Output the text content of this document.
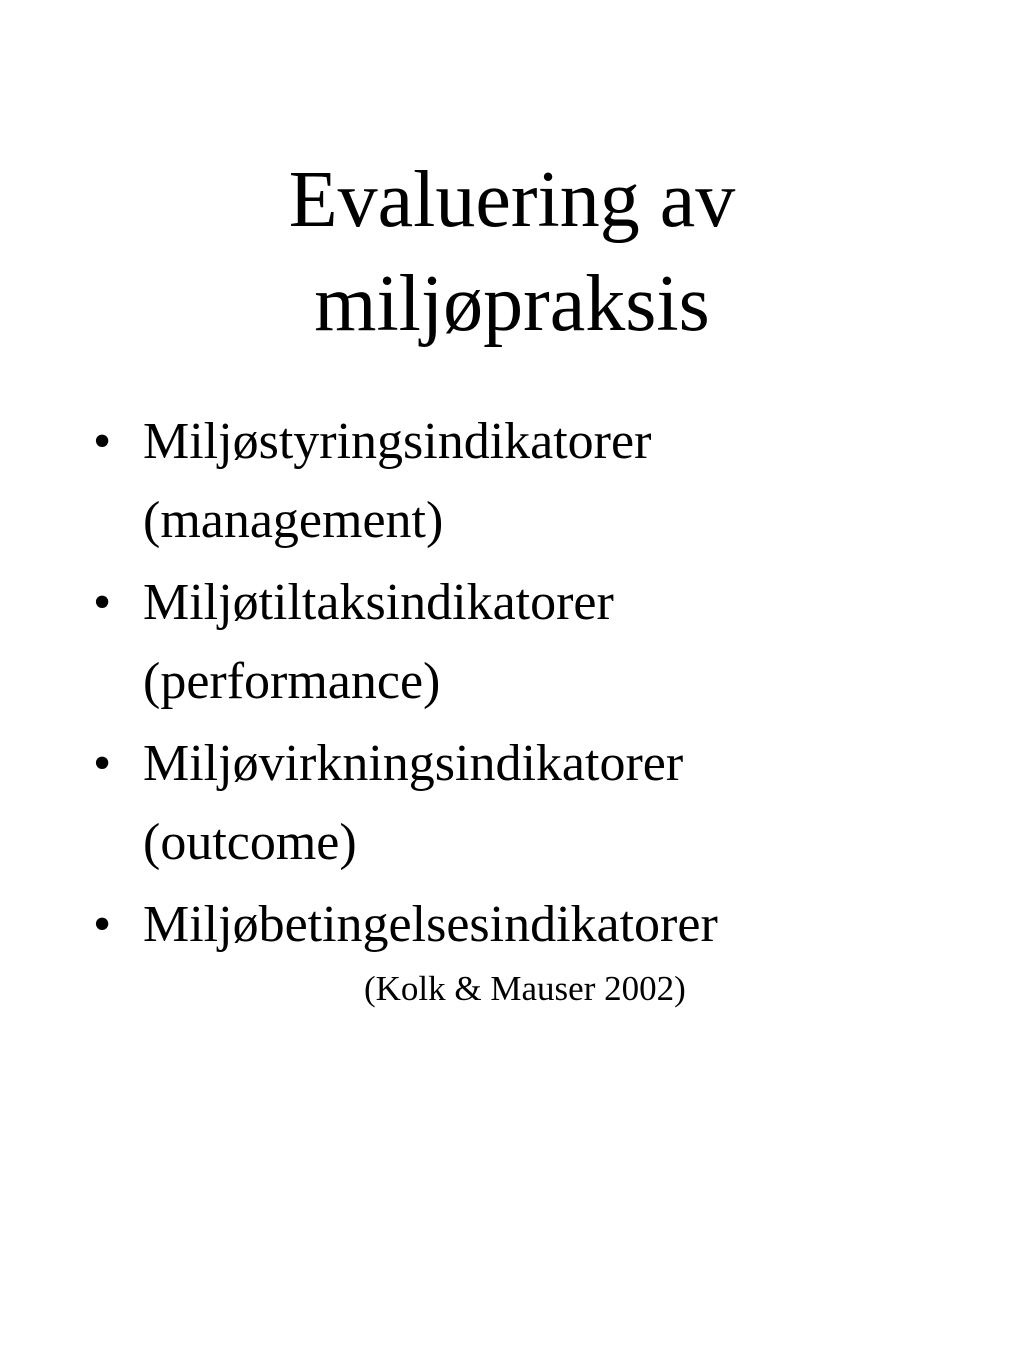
Evaluering av
miljøpraksis
• Miljøstyringsindikatorer
(management)
• Miljøtiltaksindikatorer
(performance)
• Miljøvirkningsindikatorer
(outcome)
• Miljøbetingelsesindikatorer
(Kolk & Mauser 2002)
